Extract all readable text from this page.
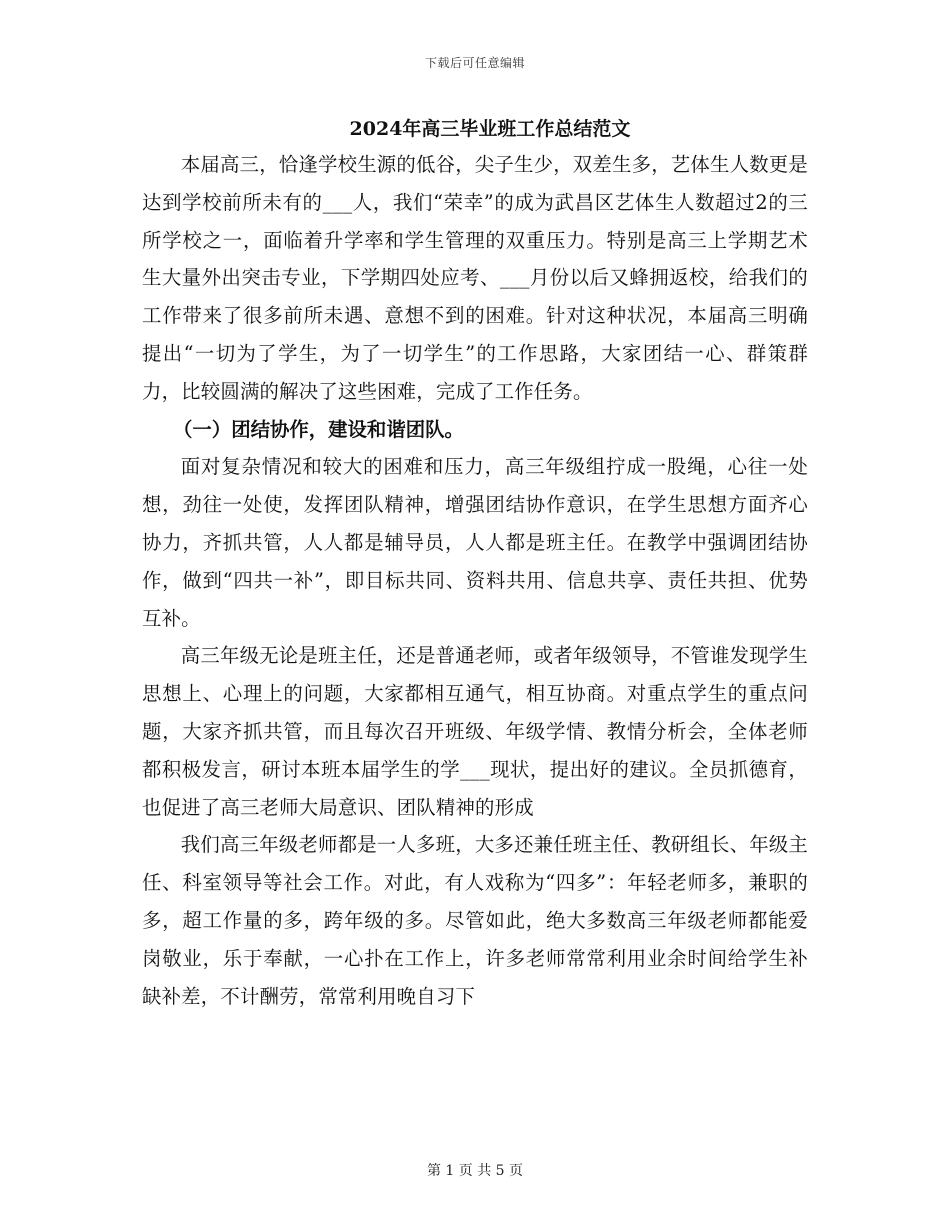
下载后可任意编辑

2024年高三毕业班工作总结范文

本届高三，恰逢学校生源的低谷，尖子生少，双差生多，艺体生人数更是达到学校前所未有的___人，我们“荣幸”的成为武昌区艺体生人数超过2的三所学校之一，面临着升学率和学生管理的双重压力。特别是高三上学期艺术生大量外出突击专业，下学期四处应考、___月份以后又蜂拥返校，给我们的工作带来了很多前所未遇、意想不到的困难。针对这种状况，本届高三明确提出“一切为了学生，为了一切学生”的工作思路，大家团结一心、群策群力，比较圆满的解决了这些困难，完成了工作任务。

（一）团结协作，建设和谐团队。

面对复杂情况和较大的困难和压力，高三年级组拧成一股绳，心往一处想，劲往一处使，发挥团队精神，增强团结协作意识，在学生思想方面齐心协力，齐抓共管，人人都是辅导员，人人都是班主任。在教学中强调团结协作，做到“四共一补”，即目标共同、资料共用、信息共享、责任共担、优势互补。

高三年级无论是班主任，还是普通老师，或者年级领导，不管谁发现学生思想上、心理上的问题，大家都相互通气，相互协商。对重点学生的重点问题，大家齐抓共管，而且每次召开班级、年级学情、教情分析会，全体老师都积极发言，研讨本班本届学生的学___现状，提出好的建议。全员抓德育，也促进了高三老师大局意识、团队精神的形成

我们高三年级老师都是一人多班，大多还兼任班主任、教研组长、年级主任、科室领导等社会工作。对此，有人戏称为“四多”：年轻老师多，兼职的多，超工作量的多，跨年级的多。尽管如此，绝大多数高三年级老师都能爱岗敬业，乐于奉献，一心扑在工作上，许多老师常常利用业余时间给学生补缺补差，不计酬劳，常常利用晚自习下

第 1 页 共 5 页
